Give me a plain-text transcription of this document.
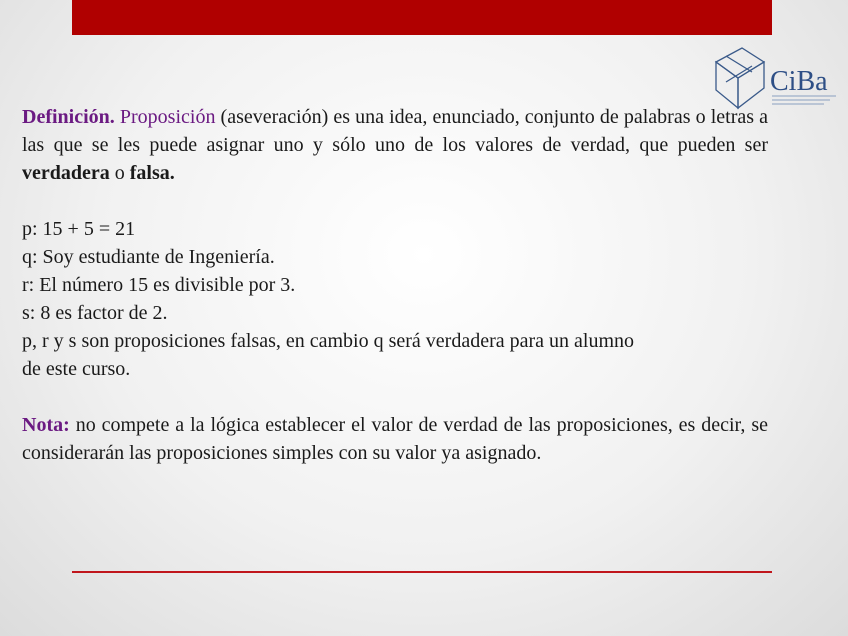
CiBa

Definición. Proposición (aseveración) es una idea, enunciado, conjunto de palabras o letras a las que se les puede asignar uno y sólo uno de los valores de verdad, que pueden ser verdadera o falsa.

p: 15 + 5 = 21
q: Soy estudiante de Ingeniería.
r: El número 15 es divisible por 3.
s: 8 es factor de 2.
p, r y s son proposiciones falsas, en cambio q será verdadera para un alumno
de este curso.

Nota: no compete a la lógica establecer el valor de verdad de las proposiciones, es decir, se considerarán las proposiciones simples con su valor ya asignado.
